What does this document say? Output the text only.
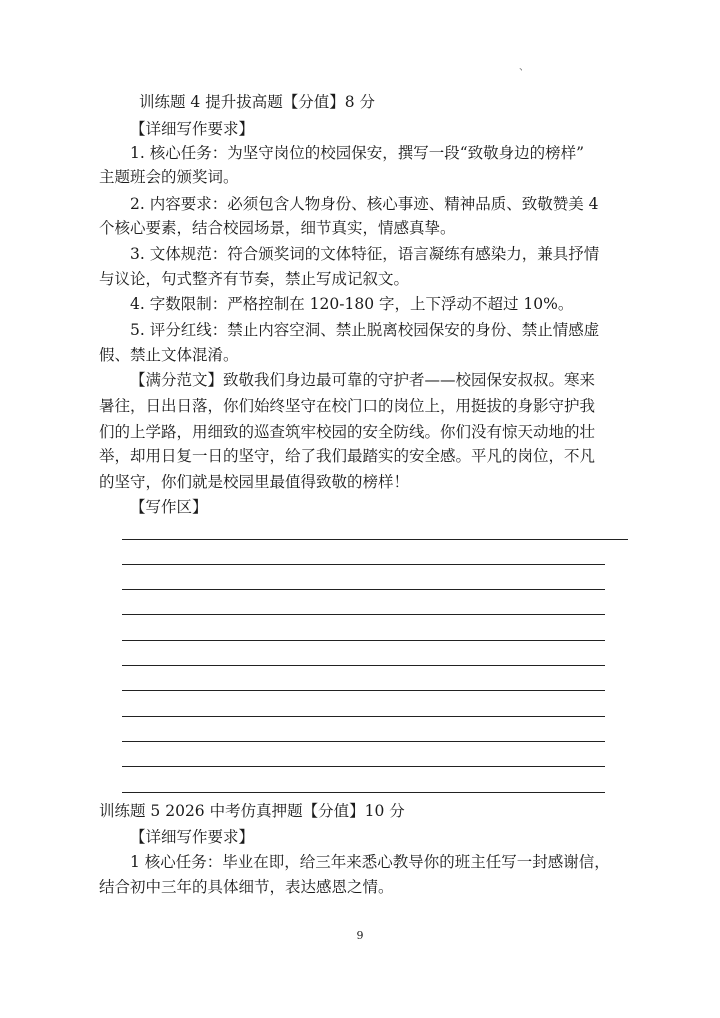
、
训练题 4 提升拔高题【分值】8 分
【详细写作要求】
1. 核心任务：为坚守岗位的校园保安，撰写一段“致敬身边的榜样”
主题班会的颁奖词。
2. 内容要求：必须包含人物身份、核心事迹、精神品质、致敬赞美 4
个核心要素，结合校园场景，细节真实，情感真挚。
3. 文体规范：符合颁奖词的文体特征，语言凝练有感染力，兼具抒情
与议论，句式整齐有节奏，禁止写成记叙文。
4. 字数限制：严格控制在 120-180 字，上下浮动不超过 10%。
5. 评分红线：禁止内容空洞、禁止脱离校园保安的身份、禁止情感虚
假、禁止文体混淆。
【满分范文】致敬我们身边最可靠的守护者——校园保安叔叔。寒来
暑往，日出日落，你们始终坚守在校门口的岗位上，用挺拔的身影守护我
们的上学路，用细致的巡查筑牢校园的安全防线。你们没有惊天动地的壮
举，却用日复一日的坚守，给了我们最踏实的安全感。平凡的岗位，不凡
的坚守，你们就是校园里最值得致敬的榜样！
【写作区】
训练题 5 2026 中考仿真押题【分值】10 分
【详细写作要求】
1 核心任务：毕业在即，给三年来悉心教导你的班主任写一封感谢信，
结合初中三年的具体细节，表达感恩之情。
9
